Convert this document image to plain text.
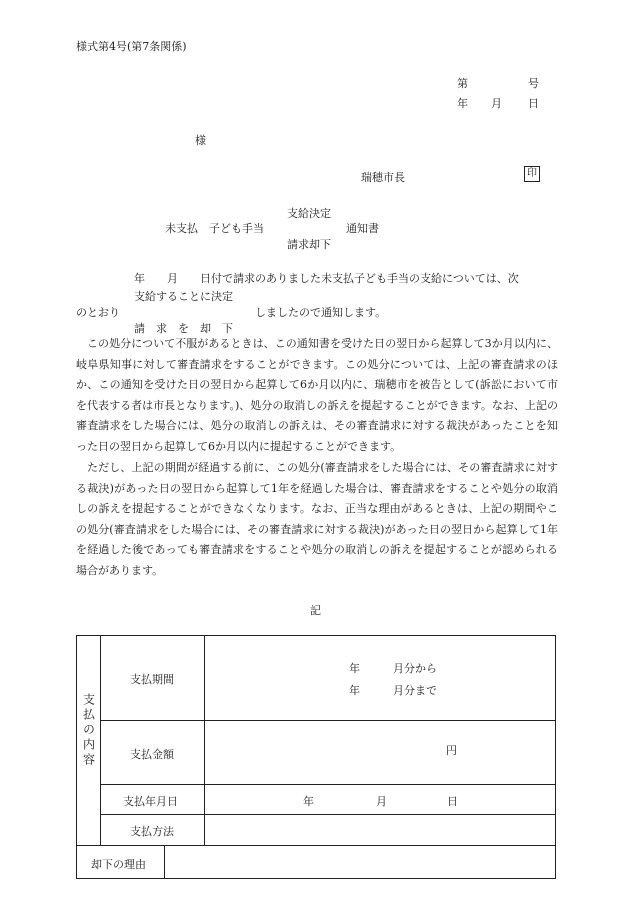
様式第4号(第7条関係)
第	号
年 月 日
様
瑞穂市長	印
支給決定
未支払　子ども手当	通知書
請求却下
年　　月　　日付で請求のありました未支払子ども手当の支給については、次
支給することに決定
のとおり	しましたので通知します。
請　求　を　却　下
この処分について不服があるときは、この通知書を受けた日の翌日から起算して3か月以内に、岐阜県知事に対して審査請求をすることができます。この処分については、上記の審査請求のほか、この通知を受けた日の翌日から起算して6か月以内に、瑞穂市を被告として(訴訟において市を代表する者は市長となります。)、処分の取消しの訴えを提起することができます。なお、上記の審査請求をした場合には、処分の取消しの訴えは、その審査請求に対する裁決があったことを知った日の翌日から起算して6か月以内に提起することができます。
ただし、上記の期間が経過する前に、この処分(審査請求をした場合には、その審査請求に対する裁決)があった日の翌日から起算して1年を経過した場合は、審査請求をすることや処分の取消しの訴えを提起することができなくなります。なお、正当な理由があるときは、上記の期間やこの処分(審査請求をした場合には、その審査請求に対する裁決)があった日の翌日から起算して1年を経過した後であっても審査請求をすることや処分の取消しの訴えを提起することが認められる場合があります。
記
支払の内容
支払期間
年　　　月分から
年　　　月分まで
支払金額	円
支払年月日	年	月	日
支払方法
却下の理由
